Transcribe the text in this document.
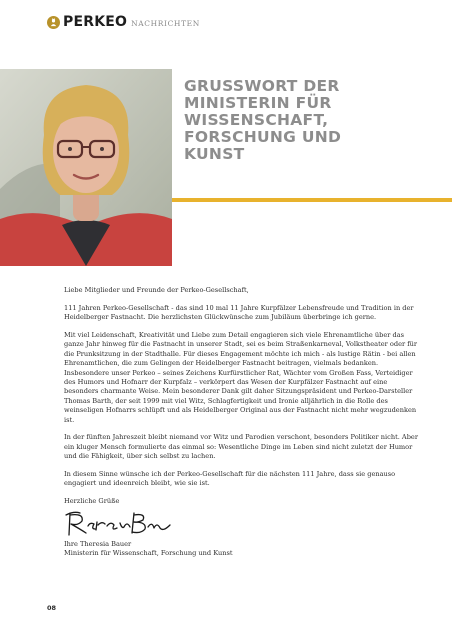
PERKEO NACHRICHTEN
GRUSSWORT DER
MINISTERIN FÜR
WISSENSCHAFT,
FORSCHUNG UND
KUNST

Liebe Mitglieder und Freunde der Perkeo-Gesellschaft,

111 Jahren Perkeo-Gesellschaft - das sind 10 mal 11 Jahre Kurpfälzer Lebensfreude und Tradition in der Heidelberger Fastnacht. Die herzlichsten Glückwünsche zum Jubiläum überbringe ich gerne.

Mit viel Leidenschaft, Kreativität und Liebe zum Detail engagieren sich viele Ehrenamtliche über das ganze Jahr hinweg für die Fastnacht in unserer Stadt, sei es beim Straßenkarneval, Volkstheater oder für die Prunksitzung in der Stadthalle. Für dieses Engagement möchte ich mich - als lustige Rätin - bei allen Ehrenamtlichen, die zum Gelingen der Heidelberger Fastnacht beitragen, vielmals bedanken. Insbesondere unser Perkeo – seines Zeichens Kurfürstlicher Rat, Wächter vom Großen Fass, Verteidiger des Humors und Hofnarr der Kurpfalz – verkörpert das Wesen der Kurpfälzer Fastnacht auf eine besonders charmante Weise. Mein besonderer Dank gilt daher Sitzungspräsident und Perkeo-Darsteller Thomas Barth, der seit 1999 mit viel Witz, Schlagfertigkeit und Ironie alljährlich in die Rolle des weinseligen Hofnarrs schlüpft und als Heidelberger Original aus der Fastnacht nicht mehr wegzudenken ist.

In der fünften Jahreszeit bleibt niemand vor Witz und Parodien verschont, besonders Politiker nicht. Aber ein kluger Mensch formulierte das einmal so: Wesentliche Dinge im Leben sind nicht zuletzt der Humor und die Fähigkeit, über sich selbst zu lachen.

In diesem Sinne wünsche ich der Perkeo-Gesellschaft für die nächsten 111 Jahre, dass sie genauso engagiert und ideenreich bleibt, wie sie ist.

Herzliche Grüße

Ihre Theresia Bauer
Ministerin für Wissenschaft, Forschung und Kunst
08
